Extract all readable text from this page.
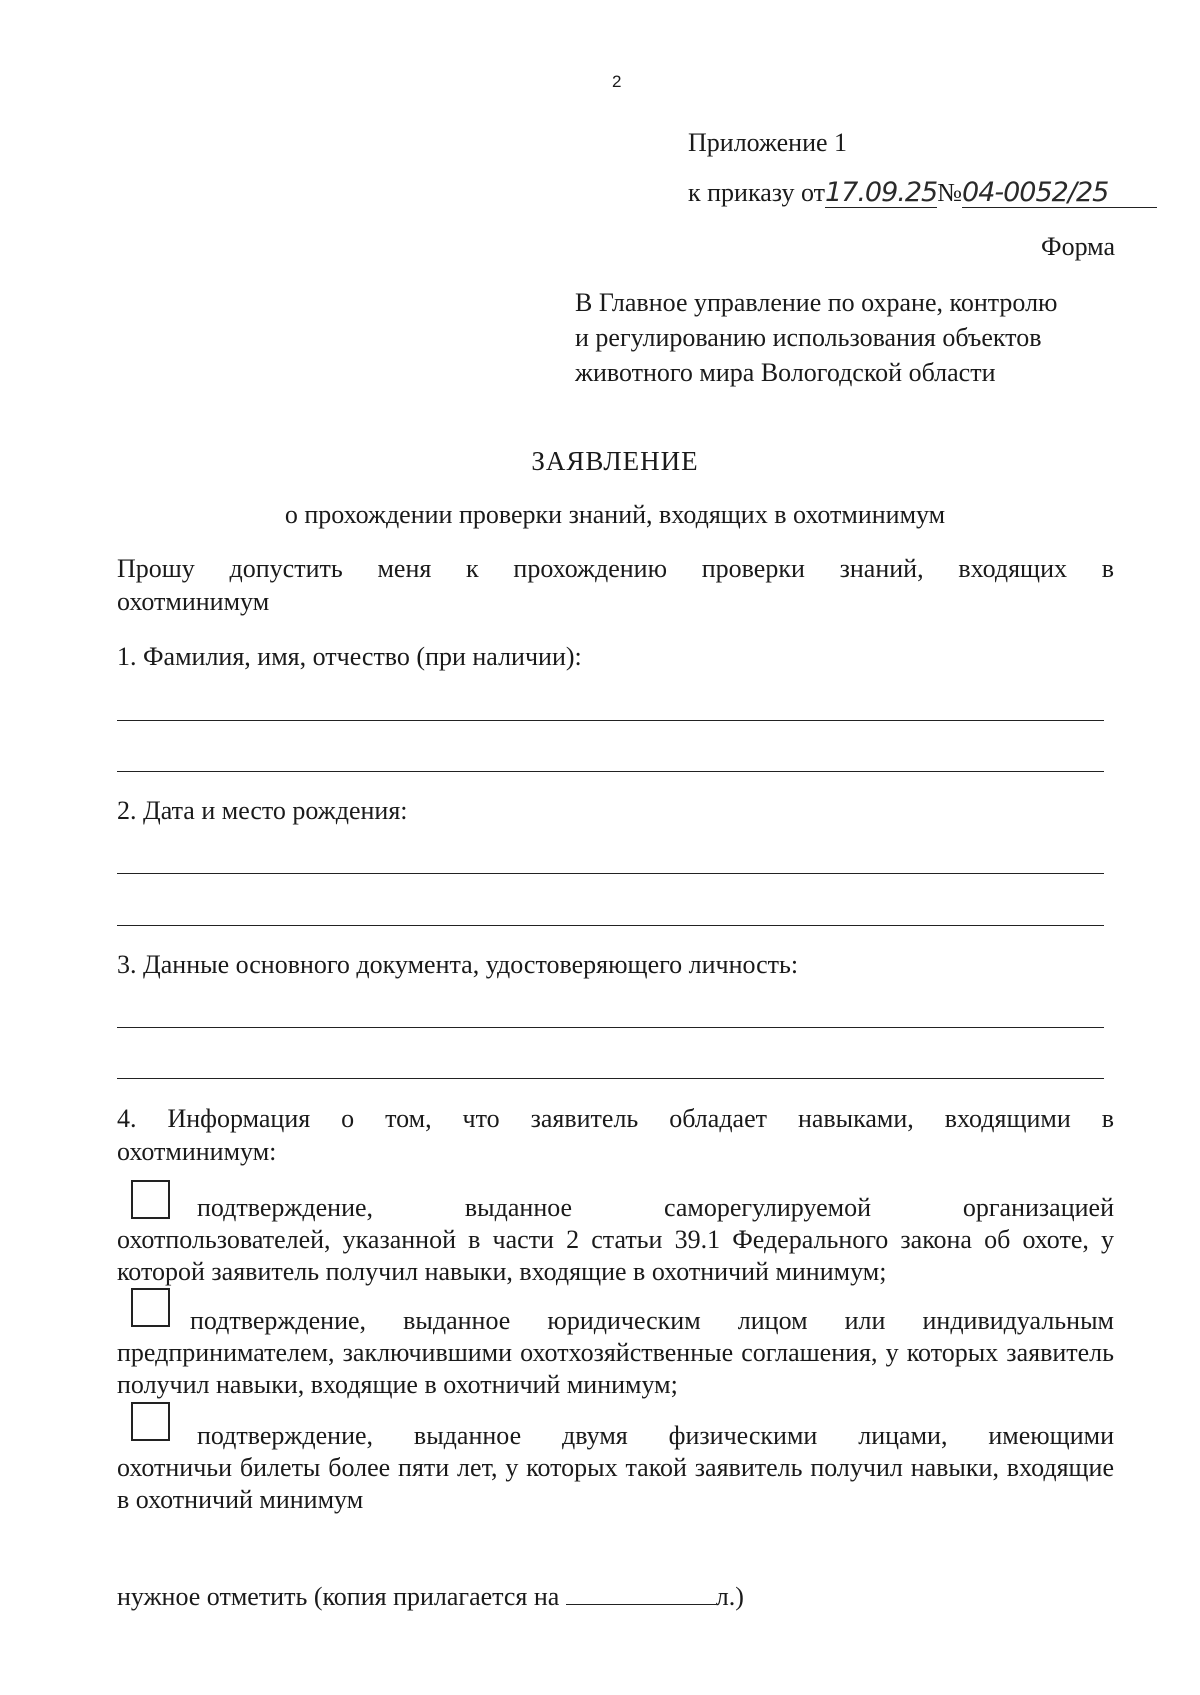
2
Приложение 1
к приказу от17.09.25№04-0052/25
Форма
В Главное управление по охране, контролю
и регулированию использования объектов
животного мира Вологодской области
ЗАЯВЛЕНИЕ
о прохождении проверки знаний, входящих в охотминимум
Прошу допустить меня к прохождению проверки знаний, входящих в
охотминимум
1. Фамилия, имя, отчество (при наличии):
2. Дата и место рождения:
3. Данные основного документа, удостоверяющего личность:
4. Информация о том, что заявитель обладает навыками, входящими в
охотминимум:
подтверждение, выданное саморегулируемой организацией
охотпользователей, указанной в части 2 статьи 39.1 Федерального закона об охоте, у которой заявитель получил навыки, входящие в охотничий минимум;
подтверждение, выданное юридическим лицом или индивидуальным
предпринимателем, заключившими охотхозяйственные соглашения, у которых заявитель получил навыки, входящие в охотничий минимум;
подтверждение, выданное двумя физическими лицами, имеющими
охотничьи билеты более пяти лет, у которых такой заявитель получил навыки, входящие в охотничий минимум
нужное отметить (копия прилагается на	л.)
